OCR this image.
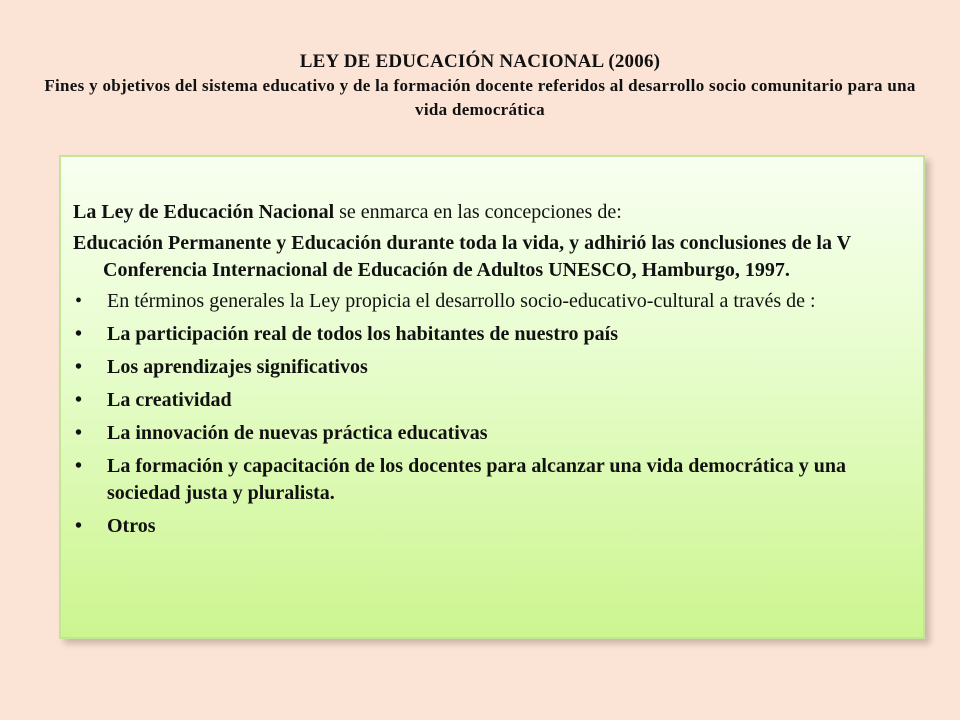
LEY DE EDUCACIÓN NACIONAL (2006)
Fines y objetivos del sistema educativo y de la formación docente referidos al desarrollo socio comunitario para una vida democrática

La Ley de Educación Nacional se enmarca en las concepciones de:

Educación Permanente y Educación durante toda la vida, y adhirió las conclusiones de la V Conferencia Internacional de Educación de Adultos UNESCO, Hamburgo, 1997.

• En términos generales la Ley propicia el desarrollo socio-educativo-cultural a través de :
• La participación real de todos los habitantes de nuestro país
• Los aprendizajes significativos
• La creatividad
• La innovación de nuevas práctica educativas
• La formación y capacitación de los docentes para alcanzar una vida democrática y una sociedad justa y pluralista.
• Otros
